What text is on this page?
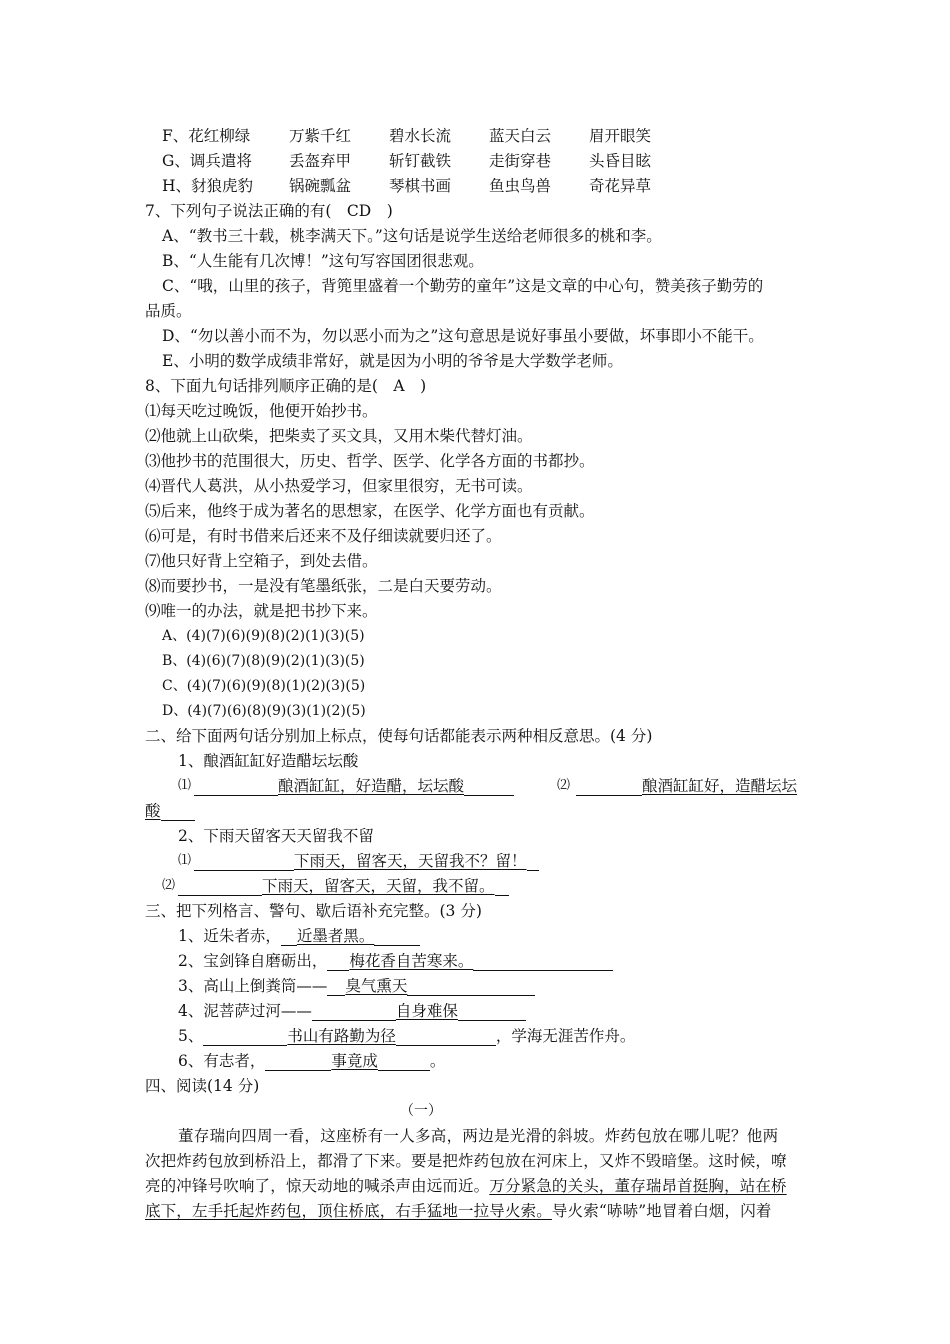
F、花红柳绿 万紫千红 碧水长流 蓝天白云 眉开眼笑
G、调兵遣将 丢盔弃甲 斩钉截铁 走街穿巷 头昏目眩
H、豺狼虎豹 锅碗瓢盆 琴棋书画 鱼虫鸟兽 奇花异草
7、下列句子说法正确的有(　CD　)
A、“教书三十载，桃李满天下。”这句话是说学生送给老师很多的桃和李。
B、“人生能有几次博！”这句写容国团很悲观。
C、“哦，山里的孩子，背篼里盛着一个勤劳的童年”这是文章的中心句，赞美孩子勤劳的
品质。
D、“勿以善小而不为，勿以恶小而为之”这句意思是说好事虽小要做，坏事即小不能干。
E、小明的数学成绩非常好，就是因为小明的爷爷是大学数学老师。
8、下面九句话排列顺序正确的是(　A　)
⑴每天吃过晚饭，他便开始抄书。
⑵他就上山砍柴，把柴卖了买文具，又用木柴代替灯油。
⑶他抄书的范围很大，历史、哲学、医学、化学各方面的书都抄。
⑷晋代人葛洪，从小热爱学习，但家里很穷，无书可读。
⑸后来，他终于成为著名的思想家，在医学、化学方面也有贡献。
⑹可是，有时书借来后还来不及仔细读就要归还了。
⑺他只好背上空箱子，到处去借。
⑻而要抄书，一是没有笔墨纸张，二是白天要劳动。
⑼唯一的办法，就是把书抄下来。
A、(4)(7)(6)(9)(8)(2)(1)(3)(5)
B、(4)(6)(7)(8)(9)(2)(1)(3)(5)
C、(4)(7)(6)(9)(8)(1)(2)(3)(5)
D、(4)(7)(6)(8)(9)(3)(1)(2)(5)
二、给下面两句话分别加上标点，使每句话都能表示两种相反意思。(4 分)
1、酿酒缸缸好造醋坛坛酸
⑴	酿酒缸缸，好造醋，坛坛酸	⑵	酿酒缸缸好，造醋坛坛
酸
2、下雨天留客天天留我不留
⑴	下雨天，留客天，天留我不？留！
⑵	下雨天，留客天，天留，我不留。
三、把下列格言、警句、歇后语补充完整。(3 分)
1、近朱者赤， 近墨者黑。
2、宝剑锋自磨砺出， 梅花香自苦寒来。
3、高山上倒粪筒—— 臭气熏天
4、泥菩萨过河——	自身难保
5、	书山有路勤为径	，学海无涯苦作舟。
6、有志者，	事竟成	。
四、阅读(14 分)
（一）
董存瑞向四周一看，这座桥有一人多高，两边是光滑的斜坡。炸药包放在哪儿呢？他两
次把炸药包放到桥沿上，都滑了下来。要是把炸药包放在河床上，又炸不毁暗堡。这时候，嘹
亮的冲锋号吹响了，惊天动地的喊杀声由远而近。万分紧急的关头，董存瑞昂首挺胸，站在桥
底下，左手托起炸药包，顶住桥底，右手猛地一拉导火索。导火索“哧哧”地冒着白烟，闪着
